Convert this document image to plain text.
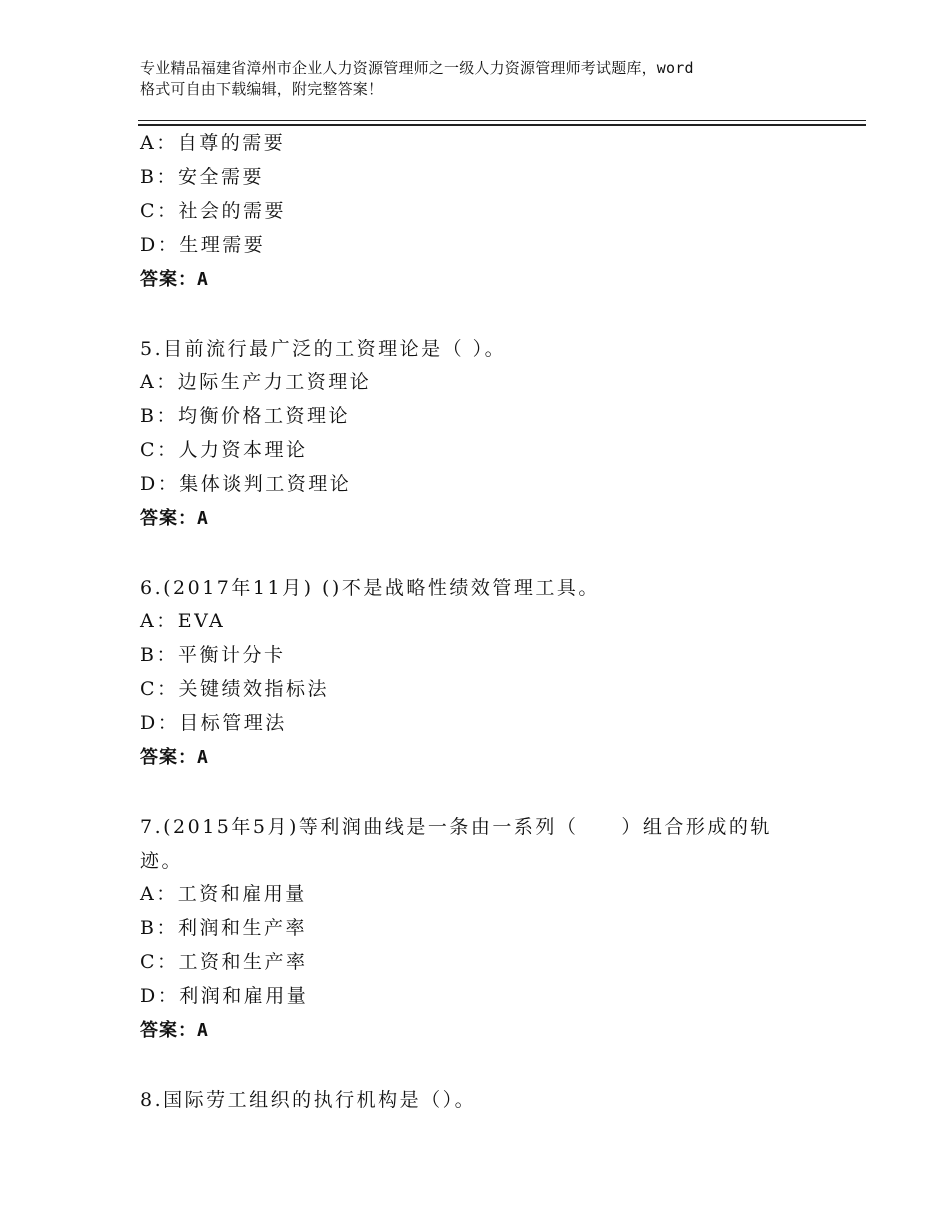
专业精品福建省漳州市企业人力资源管理师之一级人力资源管理师考试题库，word
格式可自由下载编辑，附完整答案！
A：自尊的需要
B：安全需要
C：社会的需要
D：生理需要
答案：A
5.目前流行最广泛的工资理论是（ ）。
A：边际生产力工资理论
B：均衡价格工资理论
C：人力资本理论
D：集体谈判工资理论
答案：A
6.(2017年11月) ()不是战略性绩效管理工具。
A：EVA
B：平衡计分卡
C：关键绩效指标法
D：目标管理法
答案：A
7.(2015年5月)等利润曲线是一条由一系列（　　）组合形成的轨
迹。
A：工资和雇用量
B：利润和生产率
C：工资和生产率
D：利润和雇用量
答案：A
8.国际劳工组织的执行机构是（）。
